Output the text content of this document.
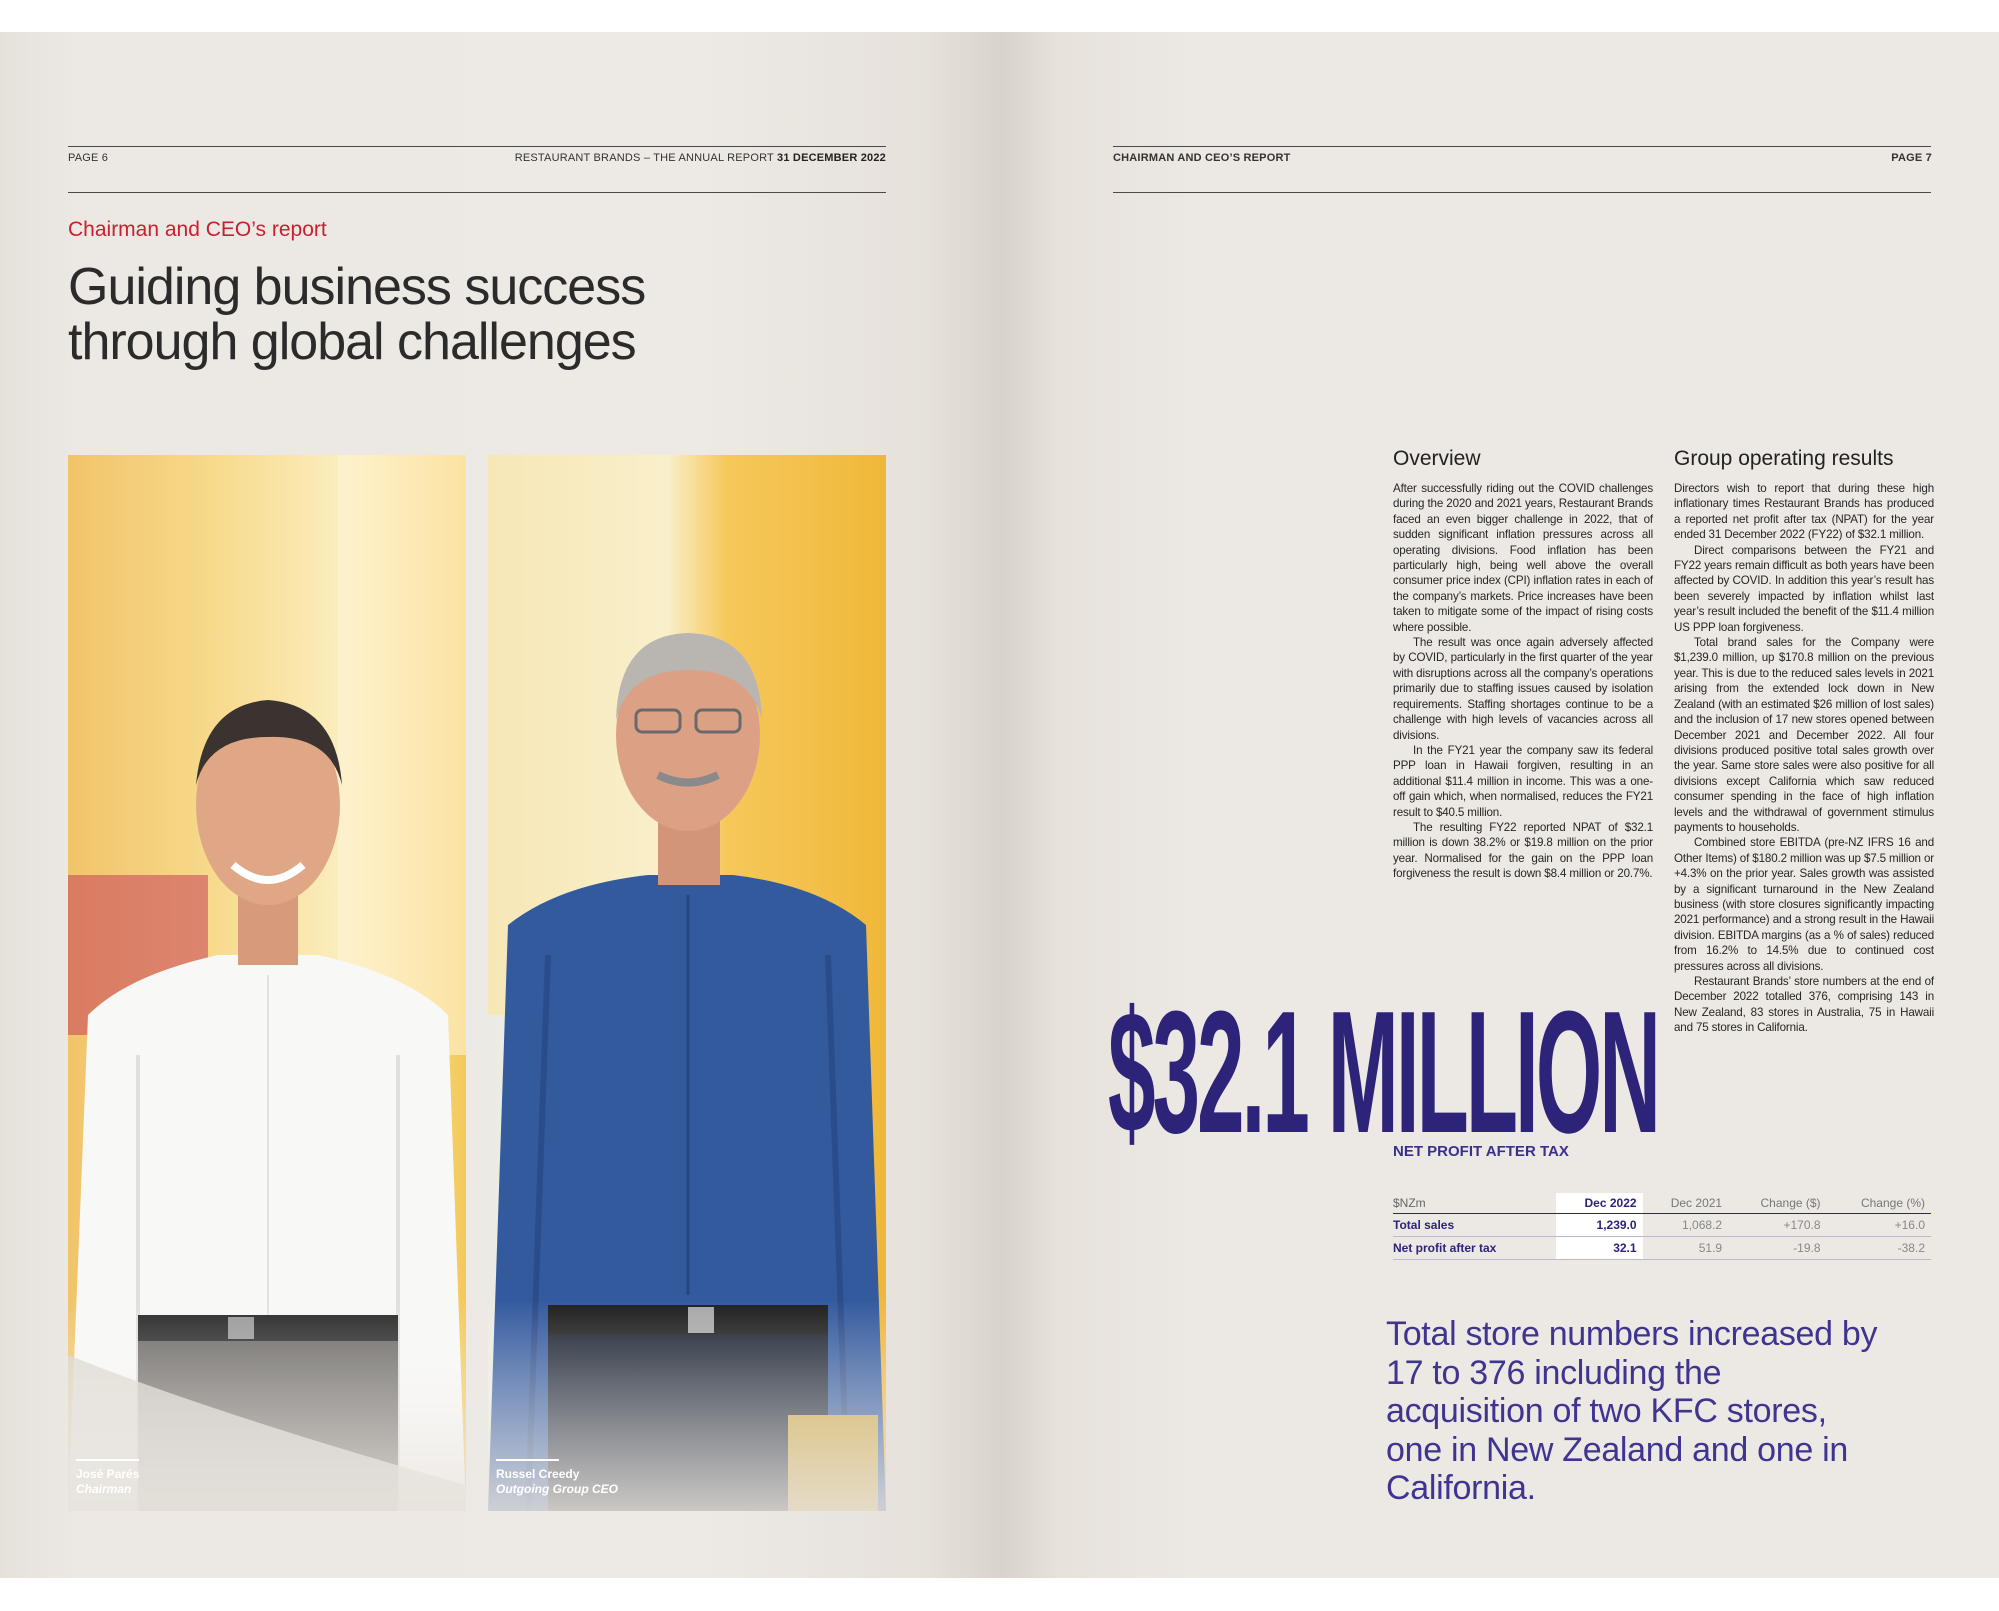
PAGE 6	RESTAURANT BRANDS – THE ANNUAL REPORT 31 DECEMBER 2022
Chairman and CEO’s report
Guiding business success
through global challenges
José Parés
Chairman
Russel Creedy
Outgoing Group CEO
CHAIRMAN AND CEO’S REPORT	PAGE 7
Overview

After successfully riding out the COVID challenges during the 2020 and 2021 years, Restaurant Brands faced an even bigger challenge in 2022, that of sudden significant inflation pressures across all operating divisions. Food inflation has been particularly high, being well above the overall consumer price index (CPI) inflation rates in each of the company’s markets. Price increases have been taken to mitigate some of the impact of rising costs where possible.

The result was once again adversely affected by COVID, particularly in the first quarter of the year with disruptions across all the company’s operations primarily due to staffing issues caused by isolation requirements. Staffing shortages continue to be a challenge with high levels of vacancies across all divisions.

In the FY21 year the company saw its federal PPP loan in Hawaii forgiven, resulting in an additional $11.4 million in income. This was a one-off gain which, when normalised, reduces the FY21 result to $40.5 million.

The resulting FY22 reported NPAT of $32.1 million is down 38.2% or $19.8 million on the prior year. Normalised for the gain on the PPP loan forgiveness the result is down $8.4 million or 20.7%.

Group operating results

Directors wish to report that during these high inflationary times Restaurant Brands has produced a reported net profit after tax (NPAT) for the year ended 31 December 2022 (FY22) of $32.1 million.

Direct comparisons between the FY21 and FY22 years remain difficult as both years have been affected by COVID. In addition this year’s result has been severely impacted by inflation whilst last year’s result included the benefit of the $11.4 million US PPP loan forgiveness.

Total brand sales for the Company were $1,239.0 million, up $170.8 million on the previous year. This is due to the reduced sales levels in 2021 arising from the extended lock down in New Zealand (with an estimated $26 million of lost sales) and the inclusion of 17 new stores opened between December 2021 and December 2022. All four divisions produced positive total sales growth over the year. Same store sales were also positive for all divisions except California which saw reduced consumer spending in the face of high inflation levels and the withdrawal of government stimulus payments to households.

Combined store EBITDA (pre-NZ IFRS 16 and Other Items) of $180.2 million was up $7.5 million or +4.3% on the prior year. Sales growth was assisted by a significant turnaround in the New Zealand business (with store closures significantly impacting 2021 performance) and a strong result in the Hawaii division. EBITDA margins (as a % of sales) reduced from 16.2% to 14.5% due to continued cost pressures across all divisions.

Restaurant Brands’ store numbers at the end of December 2022 totalled 376, comprising 143 in New Zealand, 83 stores in Australia, 75 in Hawaii and 75 stores in California.

$32.1 MILLION
NET PROFIT AFTER TAX
$NZm	Dec 2022	Dec 2021	Change ($)	Change (%)
Total sales	1,239.0	1,068.2	+170.8	+16.0
Net profit after tax	32.1	51.9	-19.8	-38.2
Total store numbers increased by 17 to 376 including the acquisition of two KFC stores, one in New Zealand and one in California.
